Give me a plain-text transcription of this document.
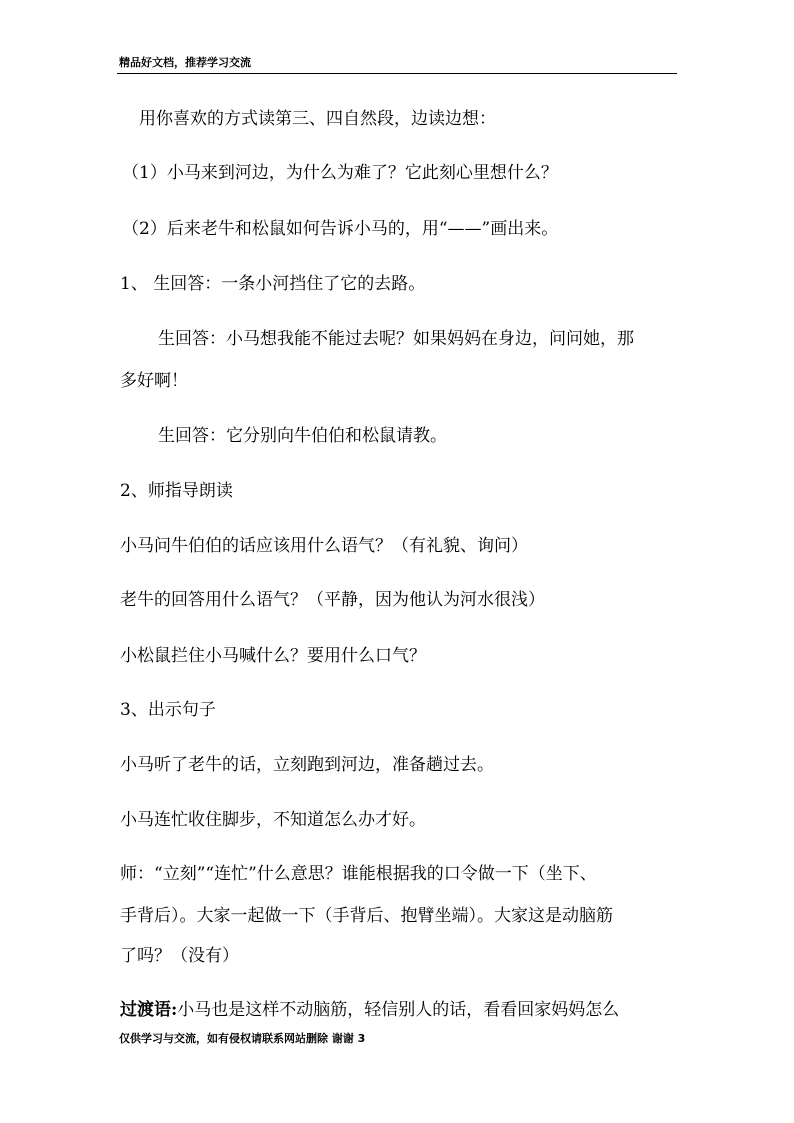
精品好文档，推荐学习交流
用你喜欢的方式读第三、四自然段，边读边想：
（1）小马来到河边，为什么为难了？它此刻心里想什么？
（2）后来老牛和松鼠如何告诉小马的，用“——”画出来。
1、 生回答：一条小河挡住了它的去路。
生回答：小马想我能不能过去呢？如果妈妈在身边，问问她，那
多好啊！
生回答：它分别向牛伯伯和松鼠请教。
2、师指导朗读
小马问牛伯伯的话应该用什么语气？（有礼貌、询问）
老牛的回答用什么语气？（平静，因为他认为河水很浅）
小松鼠拦住小马喊什么？要用什么口气？
3、出示句子
小马听了老牛的话，立刻跑到河边，准备趟过去。
小马连忙收住脚步，不知道怎么办才好。
师：“立刻”“连忙”什么意思？谁能根据我的口令做一下（坐下、
手背后）。大家一起做一下（手背后、抱臂坐端）。大家这是动脑筋
了吗？（没有）
过渡语:小马也是这样不动脑筋，轻信别人的话，看看回家妈妈怎么
仅供学习与交流，如有侵权请联系网站删除 谢谢 3
